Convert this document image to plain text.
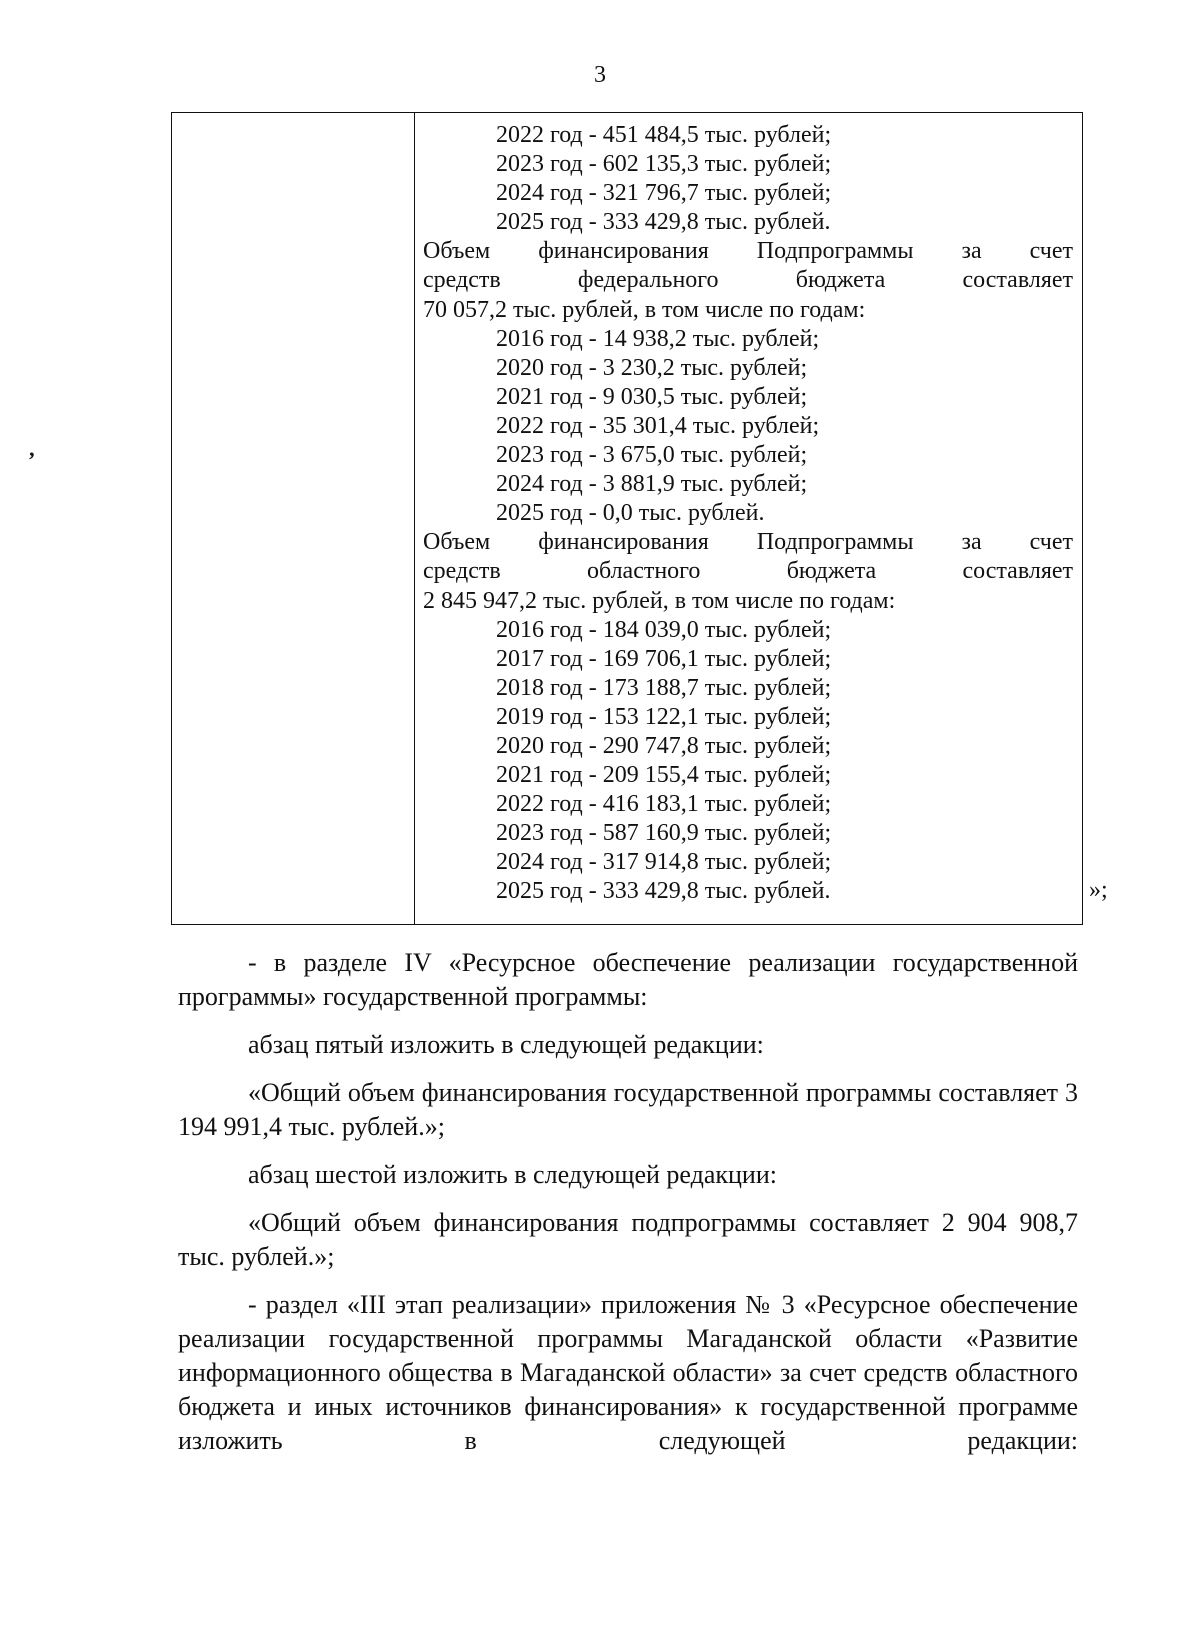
3
’
2022 год - 451 484,5 тыс. рублей;
2023 год - 602 135,3 тыс. рублей;
2024 год - 321 796,7 тыс. рублей;
2025 год - 333 429,8 тыс. рублей.
Объем финансирования Подпрограммы за счет
средств федерального бюджета составляет
70 057,2 тыс. рублей, в том числе по годам:
2016 год - 14 938,2 тыс. рублей;
2020 год - 3 230,2 тыс. рублей;
2021 год - 9 030,5 тыс. рублей;
2022 год - 35 301,4 тыс. рублей;
2023 год - 3 675,0 тыс. рублей;
2024 год - 3 881,9 тыс. рублей;
2025 год - 0,0 тыс. рублей.
Объем финансирования Подпрограммы за счет
средств областного бюджета составляет
2 845 947,2 тыс. рублей, в том числе по годам:
2016 год - 184 039,0 тыс. рублей;
2017 год - 169 706,1 тыс. рублей;
2018 год - 173 188,7 тыс. рублей;
2019 год - 153 122,1 тыс. рублей;
2020 год - 290 747,8 тыс. рублей;
2021 год - 209 155,4 тыс. рублей;
2022 год - 416 183,1 тыс. рублей;
2023 год - 587 160,9 тыс. рублей;
2024 год - 317 914,8 тыс. рублей;
2025 год - 333 429,8 тыс. рублей.	»;

- в разделе IV «Ресурсное обеспечение реализации государственной программы» государственной программы:

абзац пятый изложить в следующей редакции:

«Общий объем финансирования государственной программы составляет 3 194 991,4 тыс. рублей.»;

абзац шестой изложить в следующей редакции:

«Общий объем финансирования подпрограммы составляет 2 904 908,7 тыс. рублей.»;

- раздел «III этап реализации» приложения № 3 «Ресурсное обеспечение реализации государственной программы Магаданской области «Развитие информационного общества в Магаданской области» за счет средств областного бюджета и иных источников финансирования» к государственной программе изложить в следующей редакции:
